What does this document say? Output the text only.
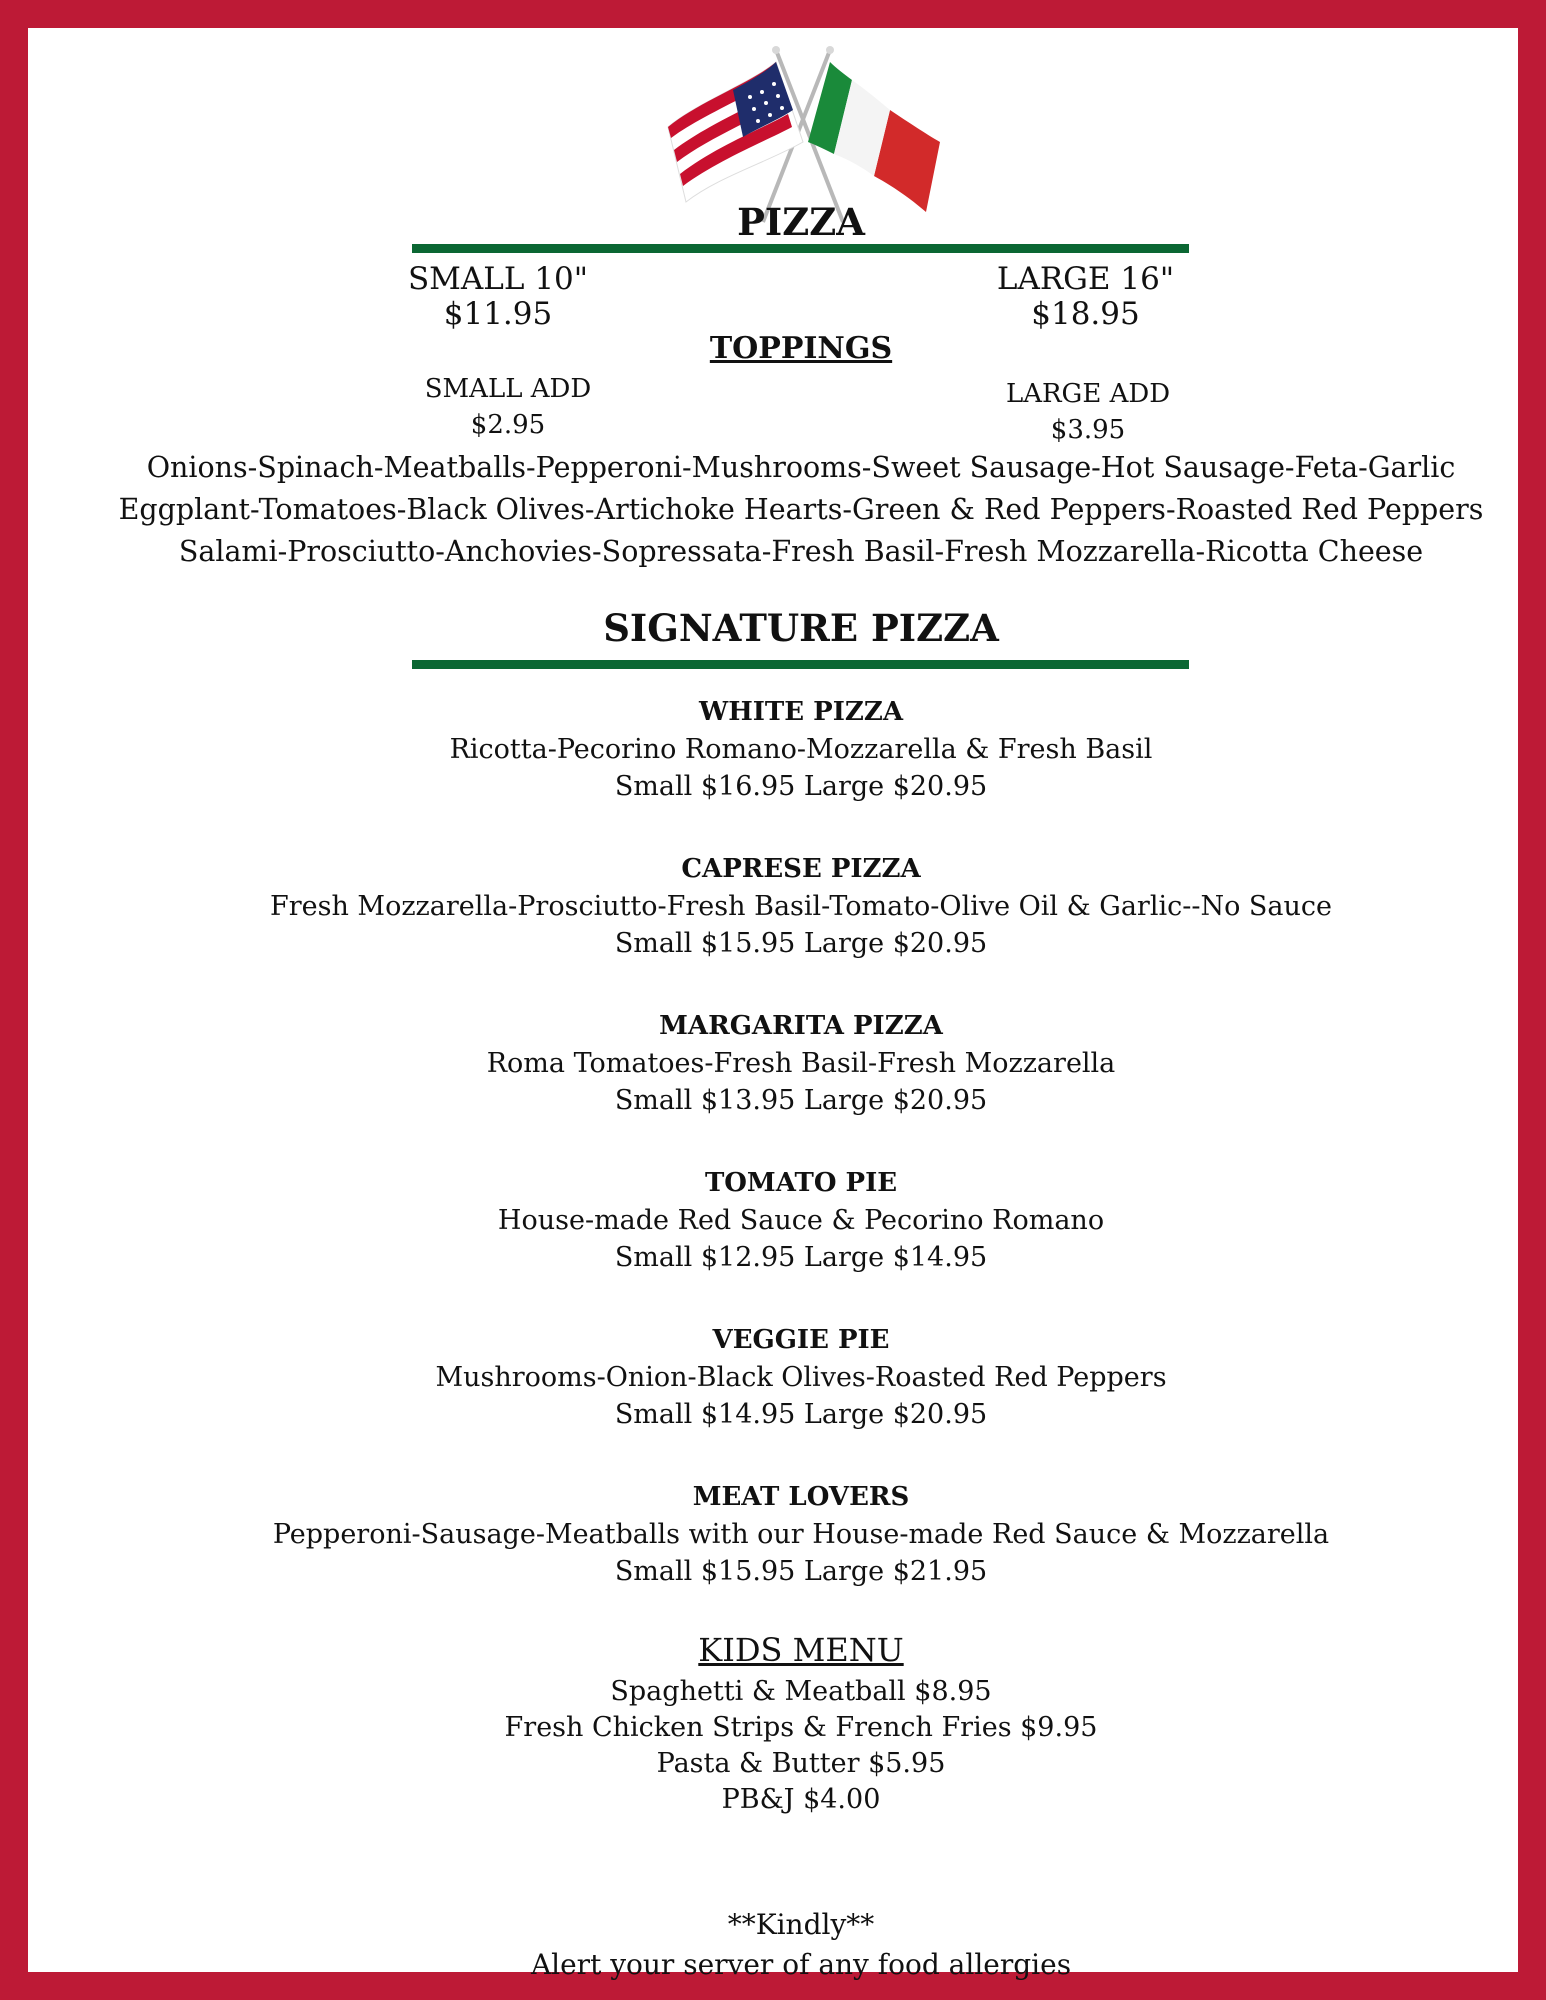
PIZZA
SMALL 10"
$11.95
LARGE 16"
$18.95
TOPPINGS
SMALL ADD
$2.95
LARGE ADD
$3.95
Onions-Spinach-Meatballs-Pepperoni-Mushrooms-Sweet Sausage-Hot Sausage-Feta-Garlic
Eggplant-Tomatoes-Black Olives-Artichoke Hearts-Green & Red Peppers-Roasted Red Peppers
Salami-Prosciutto-Anchovies-Sopressata-Fresh Basil-Fresh Mozzarella-Ricotta Cheese
SIGNATURE PIZZA
WHITE PIZZA
Ricotta-Pecorino Romano-Mozzarella & Fresh Basil
Small $16.95 Large $20.95
CAPRESE PIZZA
Fresh Mozzarella-Prosciutto-Fresh Basil-Tomato-Olive Oil & Garlic--No Sauce
Small $15.95 Large $20.95
MARGARITA PIZZA
Roma Tomatoes-Fresh Basil-Fresh Mozzarella
Small $13.95 Large $20.95
TOMATO PIE
House-made Red Sauce & Pecorino Romano
Small $12.95 Large $14.95
VEGGIE PIE
Mushrooms-Onion-Black Olives-Roasted Red Peppers
Small $14.95 Large $20.95
MEAT LOVERS
Pepperoni-Sausage-Meatballs with our House-made Red Sauce & Mozzarella
Small $15.95 Large $21.95
KIDS MENU
Spaghetti & Meatball $8.95
Fresh Chicken Strips & French Fries $9.95
Pasta & Butter $5.95
PB&J $4.00
**Kindly**
Alert your server of any food allergies
